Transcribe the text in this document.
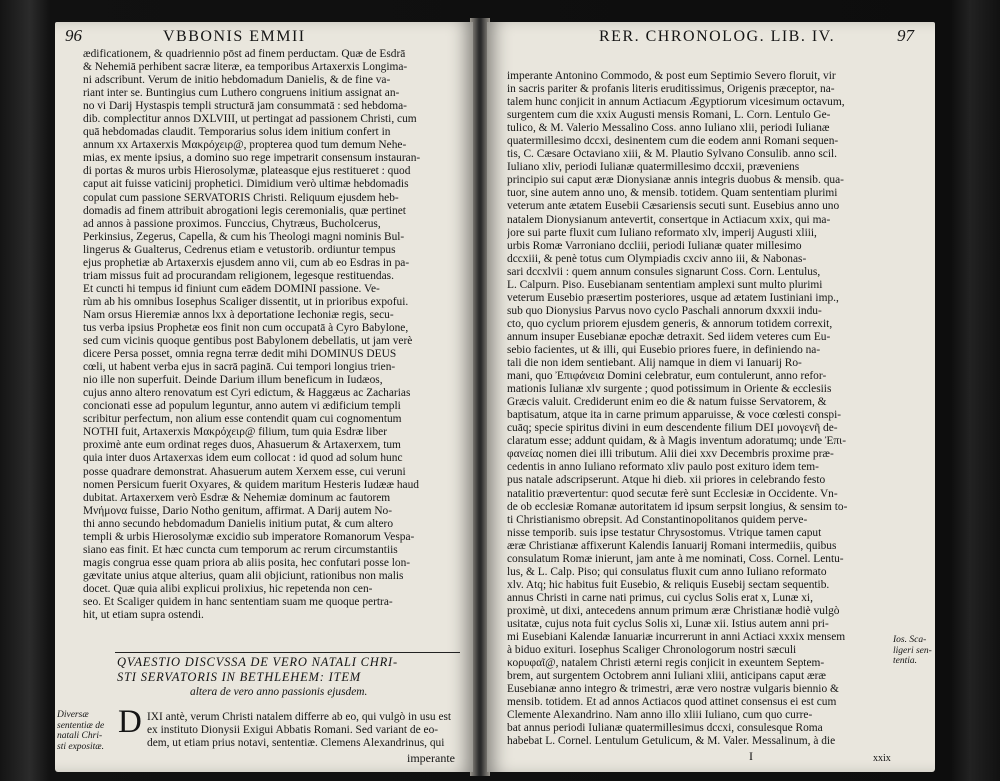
96	VBBONIS EMMII
ædificationem, & quadriennio pōst ad finem perductam. Quæ de Esdrā
& Nehemiā perhibent sacræ literæ, ea temporibus Artaxerxis Longima-
ni adscribunt. Verum de initio hebdomadum Danielis, & de fine va-
riant inter se. Buntingius cum Luthero congruens initium assignat an-
no vi Darij Hystaspis templi structurā jam consummatā : sed hebdoma-
dib. complectitur annos DXLVIII, ut pertingat ad passionem Christi, cum
quā hebdomadas claudit. Temporarius solus idem initium confert in
annum xx Artaxerxis Μακρόχειρ@, propterea quod tum demum Nehe-
mias, ex mente ipsius, a domino suo rege impetrarit consensum instauran-
di portas & muros urbis Hierosolymæ, plateasque ejus restitueret : quod
caput ait fuisse vaticinij prophetici. Dimidium verò ultimæ hebdomadis
copulat cum passione SERVATORIS Christi. Reliquum ejusdem heb-
domadis ad finem attribuit abrogationi legis ceremonialis, quæ pertinet
ad annos à passione proximos. Funccius, Chytræus, Bucholcerus,
Perkinsius, Zegerus, Capella, & cum his Theologi magni nominis Bul-
lingerus & Gualterus, Cedrenus etiam e vetustorib. ordiuntur tempus
ejus prophetiæ ab Artaxerxis ejusdem anno vii, cum ab eo Esdras in pa-
triam missus fuit ad procurandam religionem, legesque restituendas.
Et cuncti hi tempus id finiunt cum eādem DOMINI passione. Ve-
rùm ab his omnibus Iosephus Scaliger dissentit, ut in prioribus expofui.
Nam orsus Hieremiæ annos lxx à deportatione Iechoniæ regis, secu-
tus verba ipsius Prophetæ eos finit non cum occupatā à Cyro Babylone,
sed cum vicinis quoque gentibus post Babylonem debellatis, ut jam verè
dicere Persa posset, omnia regna terræ dedit mihi DOMINUS DEUS
cœli, ut habent verba ejus in sacrā paginā. Cui tempori longius trien-
nio ille non superfuit. Deinde Darium illum beneficum in Iudæos,
cujus anno altero renovatum est Cyri edictum, & Haggæus ac Zacharias
concionati esse ad populum leguntur, anno autem vi ædificium templi
scribitur perfectum, non alium esse contendit quam cui cognomentum
NOTHI fuit, Artaxerxis Μακρόχειρ@ filium, tum quia Esdræ liber
proximè ante eum ordinat reges duos, Ahasuerum & Artaxerxem, tum
quia inter duos Artaxerxas idem eum collocat : id quod ad solum hunc
posse quadrare demonstrat. Ahasuerum autem Xerxem esse, cui veruni
nomen Persicum fuerit Oxyares, & quidem maritum Hesteris Iudææ haud
dubitat. Artaxerxem verò Esdræ & Nehemiæ dominum ac fautorem
Μνήμονα fuisse, Dario Notho genitum, affirmat. A Darij autem No-
thi anno secundo hebdomadum Danielis initium putat, & cum altero
templi & urbis Hierosolymæ excidio sub imperatore Romanorum Vespa-
siano eas finit. Et hæc cuncta cum temporum ac rerum circumstantiis
magis congrua esse quam priora ab aliis posita, hec confutari posse lon-
gævitate unius atque alterius, quam alii objiciunt, rationibus non malis
docet. Quæ quia alibi explicui prolixius, hic repetenda non cen-
seo. Et Scaliger quidem in hanc sententiam suam me quoque pertra-
hit, ut etiam supra ostendi.
QVAESTIO DISCVSSA DE VERO NATALI CHRI-
STI SERVATORIS IN BETHLEHEM: ITEM
altera de vero anno passionis ejusdem.
Diversæ
sententiæ de
natali Chri-
sti expositæ.
D IXI antè, verum Christi natalem differre ab eo, qui vulgò in usu est
ex instituto Dionysii Exigui Abbatis Romani. Sed variant de eo-
dem, ut etiam prius notavi, sententiæ. Clemens Alexandrinus, qui
imperante
RER. CHRONOLOG. LIB. IV.	97
imperante Antonino Commodo, & post eum Septimio Severo floruit, vir
in sacris pariter & profanis literis eruditissimus, Origenis præceptor, na-
talem hunc conjicit in annum Actiacum Ægyptiorum vicesimum octavum,
surgentem cum die xxix Augusti mensis Romani, L. Corn. Lentulo Ge-
tulico, & M. Valerio Messalino Coss. anno Iuliano xlii, periodi Iulianæ
quatermillesimo dccxi, desinentem cum die eodem anni Romani sequen-
tis, C. Cæsare Octaviano xiii, & M. Plautio Sylvano Consulib. anno scil.
Iuliano xliv, periodi Iulianæ quatermillesimo dccxii, præveniens
principio sui caput æræ Dionysianæ annis integris duobus & mensib. qua-
tuor, sine autem anno uno, & mensib. totidem. Quam sententiam plurimi
veterum ante ætatem Eusebii Cæsariensis secuti sunt. Eusebius anno uno
natalem Dionysianum antevertit, consertque in Actiacum xxix, qui ma-
jore sui parte fluxit cum Iuliano reformato xlv, imperij Augusti xliii,
urbis Romæ Varroniano dccliii, periodi Iulianæ quater millesimo
dccxiii, & penè totus cum Olympiadis cxciv anno iii, & Nabonas-
sari dccxlvii : quem annum consules signarunt Coss. Corn. Lentulus,
L. Calpurn. Piso. Eusebianam sententiam amplexi sunt multo plurimi
veterum Eusebio præsertim posteriores, usque ad ætatem Iustiniani imp.,
sub quo Dionysius Parvus novo cyclo Paschali annorum dxxxii indu-
cto, quo cyclum priorem ejusdem generis, & annorum totidem correxit,
annum insuper Eusebianæ epochæ detraxit. Sed iidem veteres cum Eu-
sebio facientes, ut & illi, qui Eusebio priores fuere, in definiendo na-
tali die non idem sentiebant. Alij namque in diem vi Ianuarij Ro-
mani, quo Ἐπιφάνεια Domini celebratur, eum contulerunt, anno refor-
mationis Iulianæ xlv surgente ; quod potissimum in Oriente & ecclesiis
Græcis valuit. Crediderunt enim eo die & natum fuisse Servatorem, &
baptisatum, atque ita in carne primum apparuisse, & voce cœlesti conspi-
cuāq; specie spiritus divini in eum descendente filium DEI μονογενῆ de-
claratum esse; addunt quidam, & à Magis inventum adoratumq; unde Ἐπι-
φανείας nomen diei illi tributum. Alii diei xxv Decembris proxime præ-
cedentis in anno Iuliano reformato xliv paulo post exituro idem tem-
pus natale adscripserunt. Atque hi dieb. xii priores in celebrando festo
natalitio prævertentur: quod secutæ ferè sunt Ecclesiæ in Occidente. Vn-
de ob ecclesiæ Romanæ autoritatem id ipsum serpsit longius, & sensim to-
ti Christianismo obrepsit. Ad Constantinopolitanos quidem perve-
nisse temporib. suis ipse testatur Chrysostomus. Vtrique tamen caput
æræ Christianæ affixerunt Kalendis Ianuarij Romani intermediis, quibus
consulatum Romæ inierunt, jam ante à me nominati, Coss. Cornel. Lentu-
lus, & L. Calp. Piso; qui consulatus fluxit cum anno Iuliano reformato
xlv. Atq; hic habitus fuit Eusebio, & reliquis Eusebij sectam sequentib.
annus Christi in carne nati primus, cui cyclus Solis erat x, Lunæ xi,
proximè, ut dixi, antecedens annum primum æræ Christianæ hodiè vulgò
usitatæ, cujus nota fuit cyclus Solis xi, Lunæ xii. Istius autem anni pri-
mi Eusebiani Kalendæ Ianuariæ incurrerunt in anni Actiaci xxxix mensem
à biduo exituri. Iosephus Scaliger Chronologorum nostri sæculi
κορυφαῖ@, natalem Christi æterni regis conjicit in exeuntem Septem-
brem, aut surgentem Octobrem anni Iuliani xliii, anticipans caput æræ
Eusebianæ anno integro & trimestri, æræ vero nostræ vulgaris biennio &
mensib. totidem. Et ad annos Actiacos quod attinet consensus ei est cum
Clemente Alexandrino. Nam anno illo xliii Iuliano, cum quo curre-
bat annus periodi Iulianæ quatermillesimus dccxi, consulesque Roma
habebat L. Cornel. Lentulum Getulicum, & M. Valer. Messalinum, à die
Ios. Sca-
ligeri sen-
tentia.
I	xxix
